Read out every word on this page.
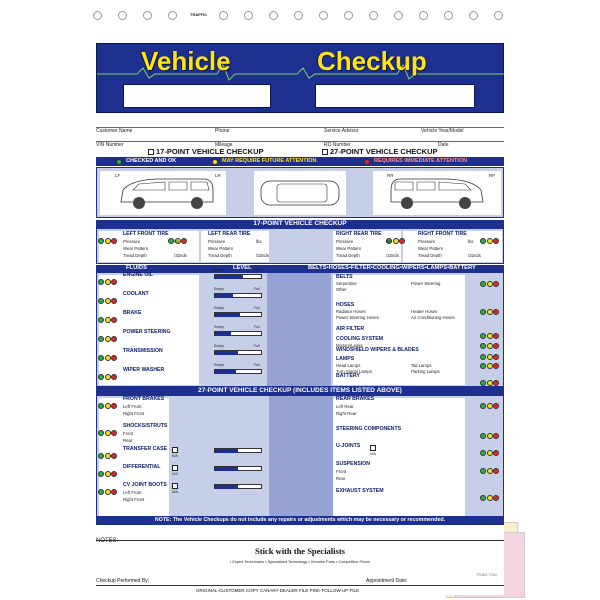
TRAFFIC
Vehicle	Checkup
Customer Name	Phone	Service Advisor	Vehicle Year/Model
VIN Number	Mileage	RO Number	Date
17-POINT VEHICLE CHECKUP	27-POINT VEHICLE CHECKUP
CHECKED AND OK	MAY REQUIRE FUTURE ATTENTION	REQUIRES IMMEDIATE ATTENTION
LF	LR	RR	RF
17-POINT VEHICLE CHECKUP
LEFT FRONT TIRE	LEFT REAR TIRE	RIGHT REAR TIRE	RIGHT FRONT TIRE
Pressure	lbs
Wear Pattern
Tread Depth	/32nds
Pressure	lbs
Wear Pattern
Tread Depth	/32nds
Pressure	lbs
Wear Pattern
Tread Depth	/32nds
Pressure	lbs
Wear Pattern
Tread Depth	/32nds
FLUIDS	LEVEL	BELTS•HOSES•FILTER•COOLING•WIPERS•LAMPS•BATTERY
27-POINT VEHICLE CHECKUP (INCLUDES ITEMS LISTED ABOVE)
NOTE: The Vehicle Checkups do not include any repairs or adjustments which may be necessary or recommended.
NOTES:
Stick with the Specialists
• Expert Technicians • Specialized Technology • Genuine Parts • Competitive Prices
Checkup Performed By:	Appointment Date:
ORIGINAL-CUSTOMER COPY CANARY-DEALER FILE PINK-FOLLOW-UP FILE
TS364 7250
ENGINE OIL
Empty	Full
COOLANT
Empty	Full
BRAKE
Empty	Full
POWER STEERING
Empty	Full
TRANSMISSION
Empty	Full
WIPER WASHER
Empty	Full
BELTS
Serpentine	Power Steering
Other
HOSES
Radiator Hoses	Heater Hoses
Power Steering Hoses	Air Conditioning Hoses
AIR FILTER
COOLING SYSTEM
Mixture/Leaks
WINDSHIELD WIPERS & BLADES
LAMPS
Head Lamps	Tail Lamps
Turn Signal Lamps	Parking Lamps
BATTERY
FRONT BRAKES
Left Front
Right Front
SHOCKS/STRUTS
Front
Rear
TRANSFER CASE
N/A
DIFFERENTIAL
N/A
CV JOINT BOOTS
Left Front
Right Front
N/A
REAR BRAKES
Left Rear
Right Rear
STEERING COMPONENTS
U-JOINTS
N/A
SUSPENSION
Front
Rear
EXHAUST SYSTEM
